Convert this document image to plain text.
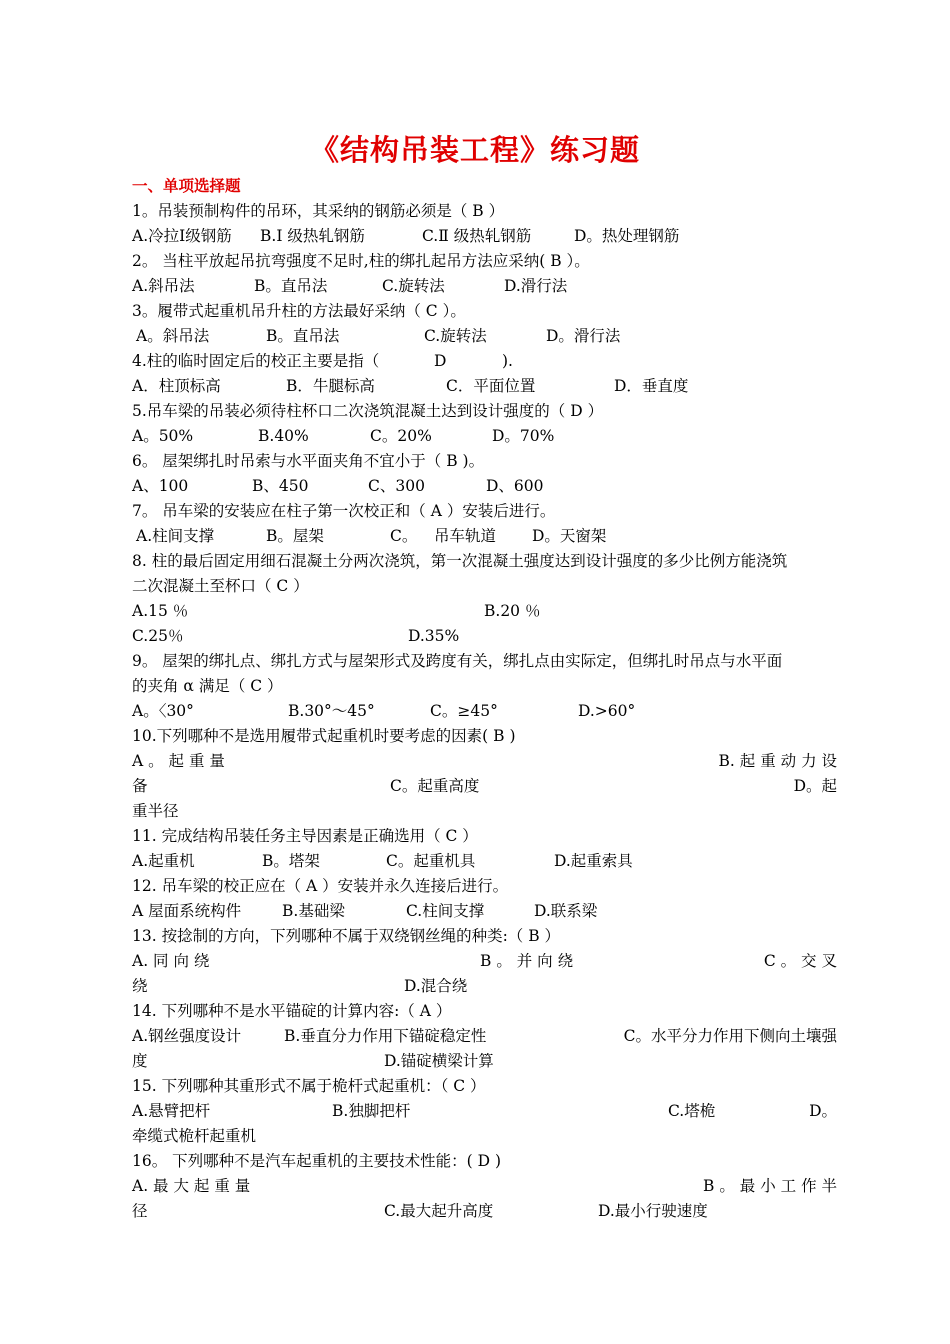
《结构吊装工程》练习题
一、单项选择题
1。吊装预制构件的吊环，其采纳的钢筋必须是（ B ）
A.冷拉Ⅰ级钢筋 B.Ⅰ 级热轧钢筋	C.Ⅱ 级热轧钢筋	D。热处理钢筋
2。 当柱平放起吊抗弯强度不足时,柱的绑扎起吊方法应采纳( B ）。
A.斜吊法	B。直吊法	C.旋转法	D.滑行法
3。履带式起重机吊升柱的方法最好采纳（ C ）。
A。斜吊法	B。直吊法	C.旋转法	D。滑行法
4.柱的临时固定后的校正主要是指（	D	).
A．柱顶标高	B．牛腿标高	C．平面位置	D．垂直度
5.吊车梁的吊装必须待柱杯口二次浇筑混凝土达到设计强度的（ D ）
A。50%	B.40%	C。20%	D。70%
6。 屋架绑扎时吊索与水平面夹角不宜小于（ B )。
A、100	B、450	C、300	D、600
7。 吊车梁的安装应在柱子第一次校正和（ A ）安装后进行。
A.柱间支撑	B。屋架	C。 吊车轨道 D。天窗架
8. 柱的最后固定用细石混凝土分两次浇筑，第一次混凝土强度达到设计强度的多少比例方能浇筑
二次混凝土至杯口（ C ）
A.15 ％	B.20 ％
C.25％	D.35%
9。 屋架的绑扎点、绑扎方式与屋架形式及跨度有关，绑扎点由实际定，但绑扎时吊点与水平面
的夹角 α 满足（ C ）
A。〈30°	B.30°～45°	C。≥45°	D.>60°
10.下列哪种不是选用履带式起重机时要考虑的因素( B )
A 。 起 重 量	B. 起 重 动 力 设
备	C。起重高度	D。起
重半径
11. 完成结构吊装任务主导因素是正确选用（ C ）
A.起重机	B。塔架	C。起重机具	D.起重索具
12. 吊车梁的校正应在（ A ）安装并永久连接后进行。
A 屋面系统构件	B.基础梁	C.柱间支撑	D.联系梁
13. 按捻制的方向，下列哪种不属于双绕钢丝绳的种类:（ B ）
A. 同 向 绕	B 。 并 向 绕	C 。 交 叉
绕	D.混合绕
14. 下列哪种不是水平锚碇的计算内容:（ A ）
A.钢丝强度设计	B.垂直分力作用下锚碇稳定性	C。水平分力作用下侧向土壤强
度	D.锚碇横梁计算
15. 下列哪种其重形式不属于桅杆式起重机：（ C ）
A.悬臂把杆	B.独脚把杆	C.塔桅	D。
牵缆式桅杆起重机
16。 下列哪种不是汽车起重机的主要技术性能：( D )
A. 最 大 起 重 量	B 。 最 小 工 作 半
径	C.最大起升高度	D.最小行驶速度
